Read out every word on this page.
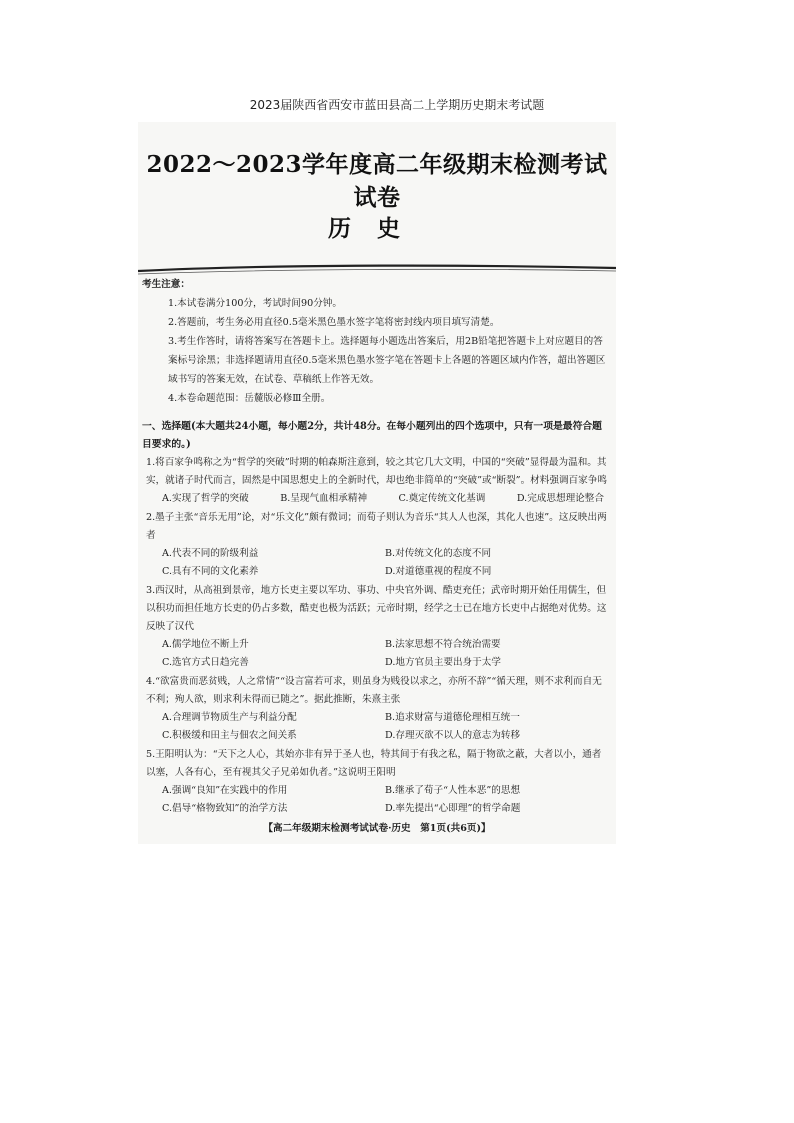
2023届陕西省西安市蓝田县高二上学期历史期末考试题
2022～2023学年度高二年级期末检测考试试卷
历史

考生注意：

1.本试卷满分100分，考试时间90分钟。

2.答题前，考生务必用直径0.5毫米黑色墨水签字笔将密封线内项目填写清楚。

3.考生作答时，请将答案写在答题卡上。选择题每小题选出答案后，用2B铅笔把答题卡上对应题目的答案标号涂黑；非选择题请用直径0.5毫米黑色墨水签字笔在答题卡上各题的答题区域内作答，超出答题区域书写的答案无效，在试卷、草稿纸上作答无效。

4.本卷命题范围：岳麓版必修Ⅲ全册。

一、选择题(本大题共24小题，每小题2分，共计48分。在每小题列出的四个选项中，只有一项是最符合题目要求的。)

1.将百家争鸣称之为“哲学的突破”时期的帕森斯注意到，较之其它几大文明，中国的“突破”显得最为温和。其实，就诸子时代而言，固然是中国思想史上的全新时代，却也绝非简单的“突破”或“断裂”。材料强调百家争鸣

A.实现了哲学的突破	B.呈现气血相承精神	C.奠定传统文化基调	D.完成思想理论整合

2.墨子主张“音乐无用”论，对“乐文化”颇有微词；而荀子则认为音乐“其人人也深，其化人也速”。这反映出两者

A.代表不同的阶级利益	B.对传统文化的态度不同
C.具有不同的文化素养	D.对道德重视的程度不同

3.西汉时，从高祖到景帝，地方长吏主要以军功、事功、中央官外调、酷吏充任；武帝时期开始任用儒生，但以积功而担任地方长吏的仍占多数，酷吏也极为活跃；元帝时期，经学之士已在地方长吏中占据绝对优势。这反映了汉代

A.儒学地位不断上升	B.法家思想不符合统治需要
C.选官方式日趋完善	D.地方官员主要出身于太学

4.“欲富贵而恶贫贱，人之常情”“设言富若可求，则虽身为贱役以求之，亦所不辞”“循天理，则不求利而自无不利；殉人欲，则求利未得而已随之”。据此推断，朱熹主张

A.合理调节物质生产与利益分配	B.追求财富与道德伦理相互统一
C.积极缓和田主与佃农之间关系	D.存理灭欲不以人的意志为转移

5.王阳明认为：“天下之人心，其始亦非有异于圣人也，特其间于有我之私，隔于物欲之蔽，大者以小，通者以塞，人各有心，至有视其父子兄弟如仇者。”这说明王阳明

A.强调“良知”在实践中的作用	B.继承了荀子“人性本恶”的思想
C.倡导“格物致知”的治学方法	D.率先提出“心即理”的哲学命题
【高二年级期末检测考试试卷·历史　第1页(共6页)】
